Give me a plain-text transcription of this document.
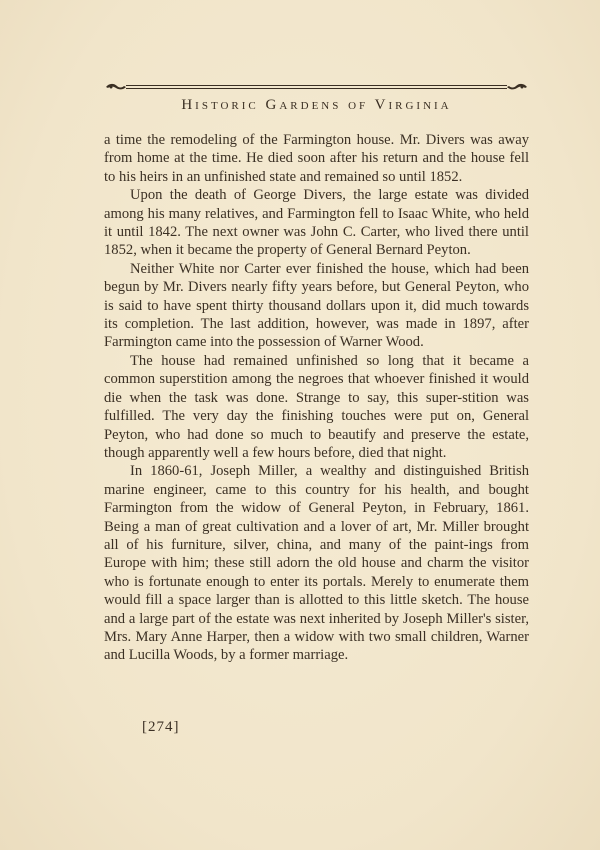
Historic Gardens of Virginia

a time the remodeling of the Farmington house. Mr. Divers was away from home at the time. He died soon after his return and the house fell to his heirs in an unfinished state and remained so until 1852.

Upon the death of George Divers, the large estate was divided among his many relatives, and Farmington fell to Isaac White, who held it until 1842. The next owner was John C. Carter, who lived there until 1852, when it became the property of General Bernard Peyton.

Neither White nor Carter ever finished the house, which had been begun by Mr. Divers nearly fifty years before, but General Peyton, who is said to have spent thirty thousand dollars upon it, did much towards its completion. The last addition, however, was made in 1897, after Farmington came into the possession of Warner Wood.

The house had remained unfinished so long that it became a common superstition among the negroes that whoever finished it would die when the task was done. Strange to say, this super-stition was fulfilled. The very day the finishing touches were put on, General Peyton, who had done so much to beautify and preserve the estate, though apparently well a few hours before, died that night.

In 1860-61, Joseph Miller, a wealthy and distinguished British marine engineer, came to this country for his health, and bought Farmington from the widow of General Peyton, in February, 1861. Being a man of great cultivation and a lover of art, Mr. Miller brought all of his furniture, silver, china, and many of the paint-ings from Europe with him; these still adorn the old house and charm the visitor who is fortunate enough to enter its portals. Merely to enumerate them would fill a space larger than is allotted to this little sketch. The house and a large part of the estate was next inherited by Joseph Miller's sister, Mrs. Mary Anne Harper, then a widow with two small children, Warner and Lucilla Woods, by a former marriage.

[274]
